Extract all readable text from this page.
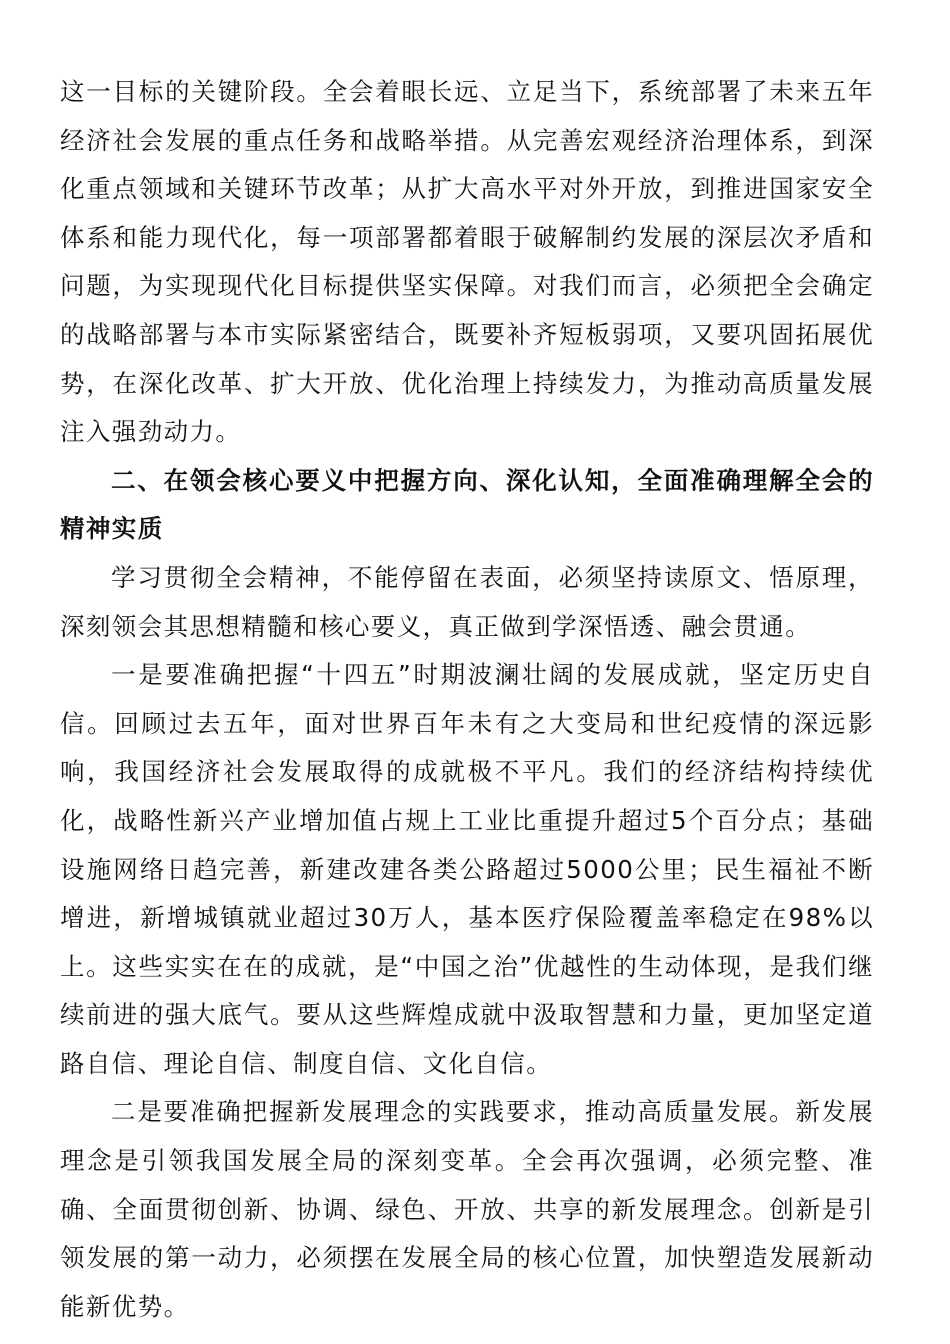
这一目标的关键阶段。全会着眼长远、立足当下，系统部署了未来五年经济社会发展的重点任务和战略举措。从完善宏观经济治理体系，到深化重点领域和关键环节改革；从扩大高水平对外开放，到推进国家安全体系和能力现代化，每一项部署都着眼于破解制约发展的深层次矛盾和问题，为实现现代化目标提供坚实保障。对我们而言，必须把全会确定的战略部署与本市实际紧密结合，既要补齐短板弱项，又要巩固拓展优势，在深化改革、扩大开放、优化治理上持续发力，为推动高质量发展注入强劲动力。

二、在领会核心要义中把握方向、深化认知，全面准确理解全会的精神实质

学习贯彻全会精神，不能停留在表面，必须坚持读原文、悟原理，深刻领会其思想精髓和核心要义，真正做到学深悟透、融会贯通。

一是要准确把握“十四五”时期波澜壮阔的发展成就，坚定历史自信。回顾过去五年，面对世界百年未有之大变局和世纪疫情的深远影响，我国经济社会发展取得的成就极不平凡。我们的经济结构持续优化，战略性新兴产业增加值占规上工业比重提升超过5个百分点；基础设施网络日趋完善，新建改建各类公路超过5000公里；民生福祉不断增进，新增城镇就业超过30万人，基本医疗保险覆盖率稳定在98%以上。这些实实在在的成就，是“中国之治”优越性的生动体现，是我们继续前进的强大底气。要从这些辉煌成就中汲取智慧和力量，更加坚定道路自信、理论自信、制度自信、文化自信。

二是要准确把握新发展理念的实践要求，推动高质量发展。新发展理念是引领我国发展全局的深刻变革。全会再次强调，必须完整、准确、全面贯彻创新、协调、绿色、开放、共享的新发展理念。创新是引领发展的第一动力，必须摆在发展全局的核心位置，加快塑造发展新动能新优势。
